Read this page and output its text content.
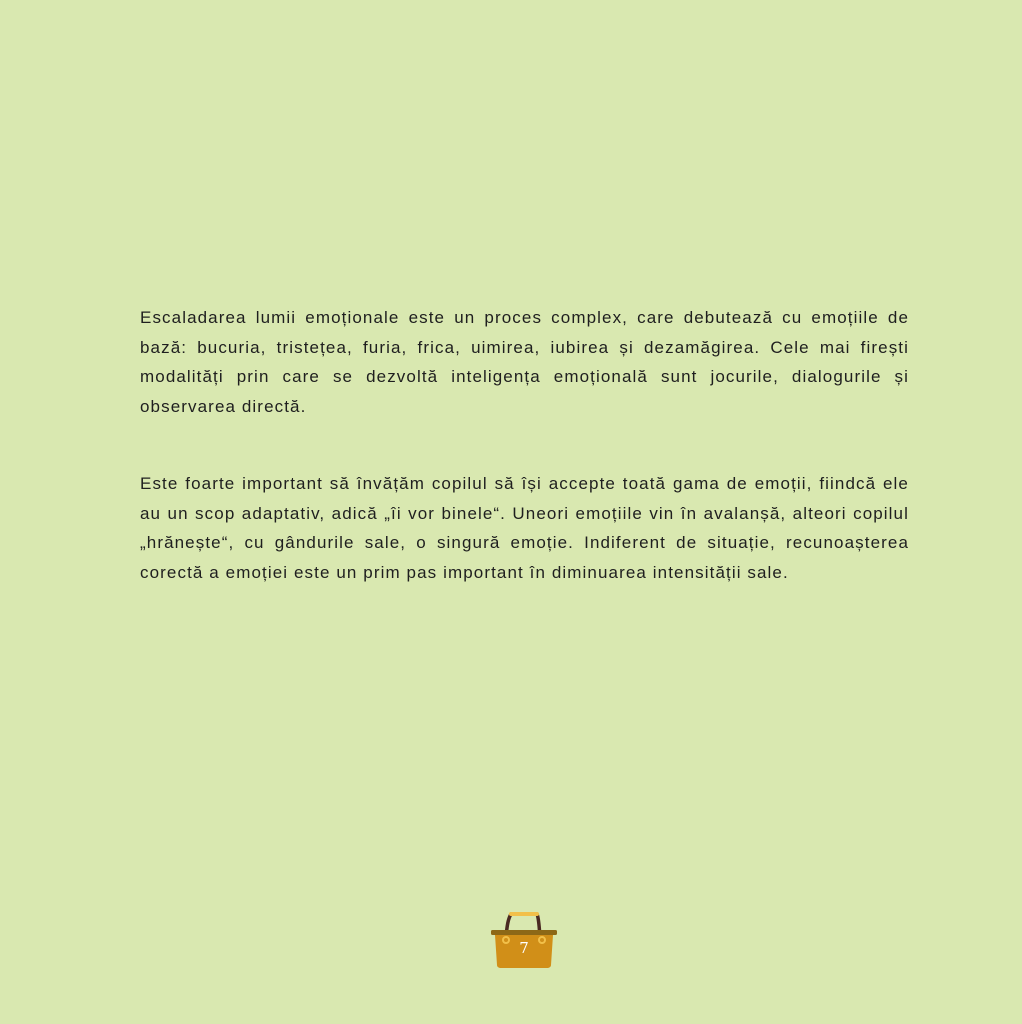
Escaladarea lumii emoționale este un proces complex, care debutează cu emoțiile de bază: bucuria, tristețea, furia, frica, uimirea, iubirea și dezamăgirea. Cele mai firești modalități prin care se dezvoltă inteligența emoțională sunt jocurile, dialogurile și observarea directă.

Este foarte important să învățăm copilul să își accepte toată gama de emoții, fiindcă ele au un scop adaptativ, adică „îi vor binele“. Uneori emoțiile vin în avalanșă, alteori copilul „hrănește“, cu gândurile sale, o singură emoție. Indiferent de situație, recunoașterea corectă a emoției este un prim pas important în diminuarea intensității sale.

7
